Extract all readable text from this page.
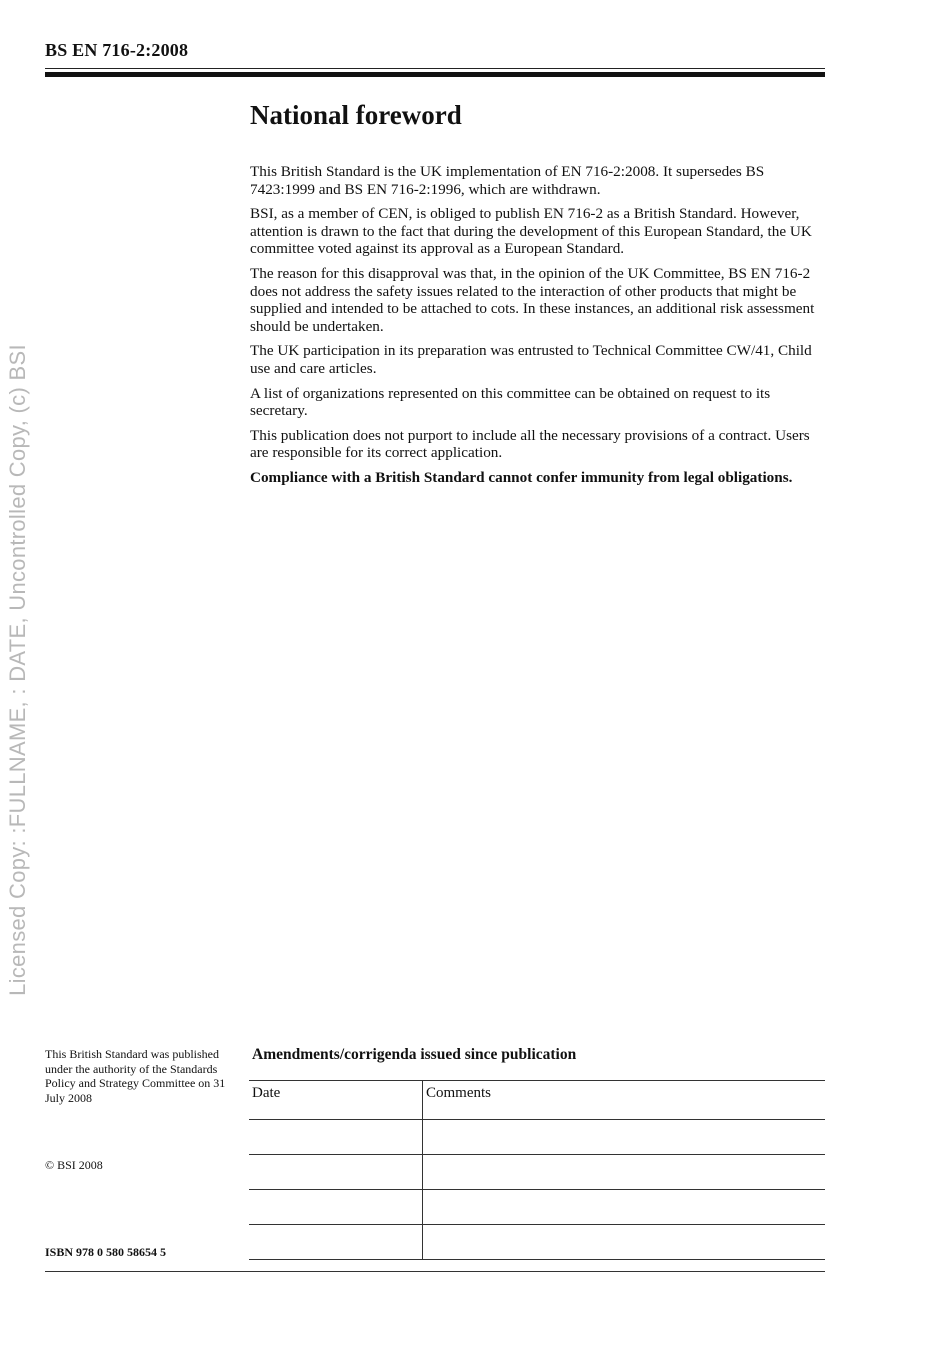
BS EN 716-2:2008
Licensed Copy: :FULLNAME, : DATE, Uncontrolled Copy, (c) BSI
National foreword

This British Standard is the UK implementation of EN 716-2:2008. It supersedes BS 7423:1999 and BS EN 716-2:1996, which are withdrawn.

BSI, as a member of CEN, is obliged to publish EN 716-2 as a British Standard. However, attention is drawn to the fact that during the development of this European Standard, the UK committee voted against its approval as a European Standard.

The reason for this disapproval was that, in the opinion of the UK Committee, BS EN 716-2 does not address the safety issues related to the interaction of other products that might be supplied and intended to be attached to cots. In these instances, an additional risk assessment should be undertaken.

The UK participation in its preparation was entrusted to Technical Committee CW/41, Child use and care articles.

A list of organizations represented on this committee can be obtained on request to its secretary.

This publication does not purport to include all the necessary provisions of a contract. Users are responsible for its correct application.

Compliance with a British Standard cannot confer immunity from legal obligations.

This British Standard was published under the authority of the Standards Policy and Strategy Committee on 31 July 2008
© BSI 2008
ISBN 978 0 580 58654 5
Amendments/corrigenda issued since publication
Date	Comments
